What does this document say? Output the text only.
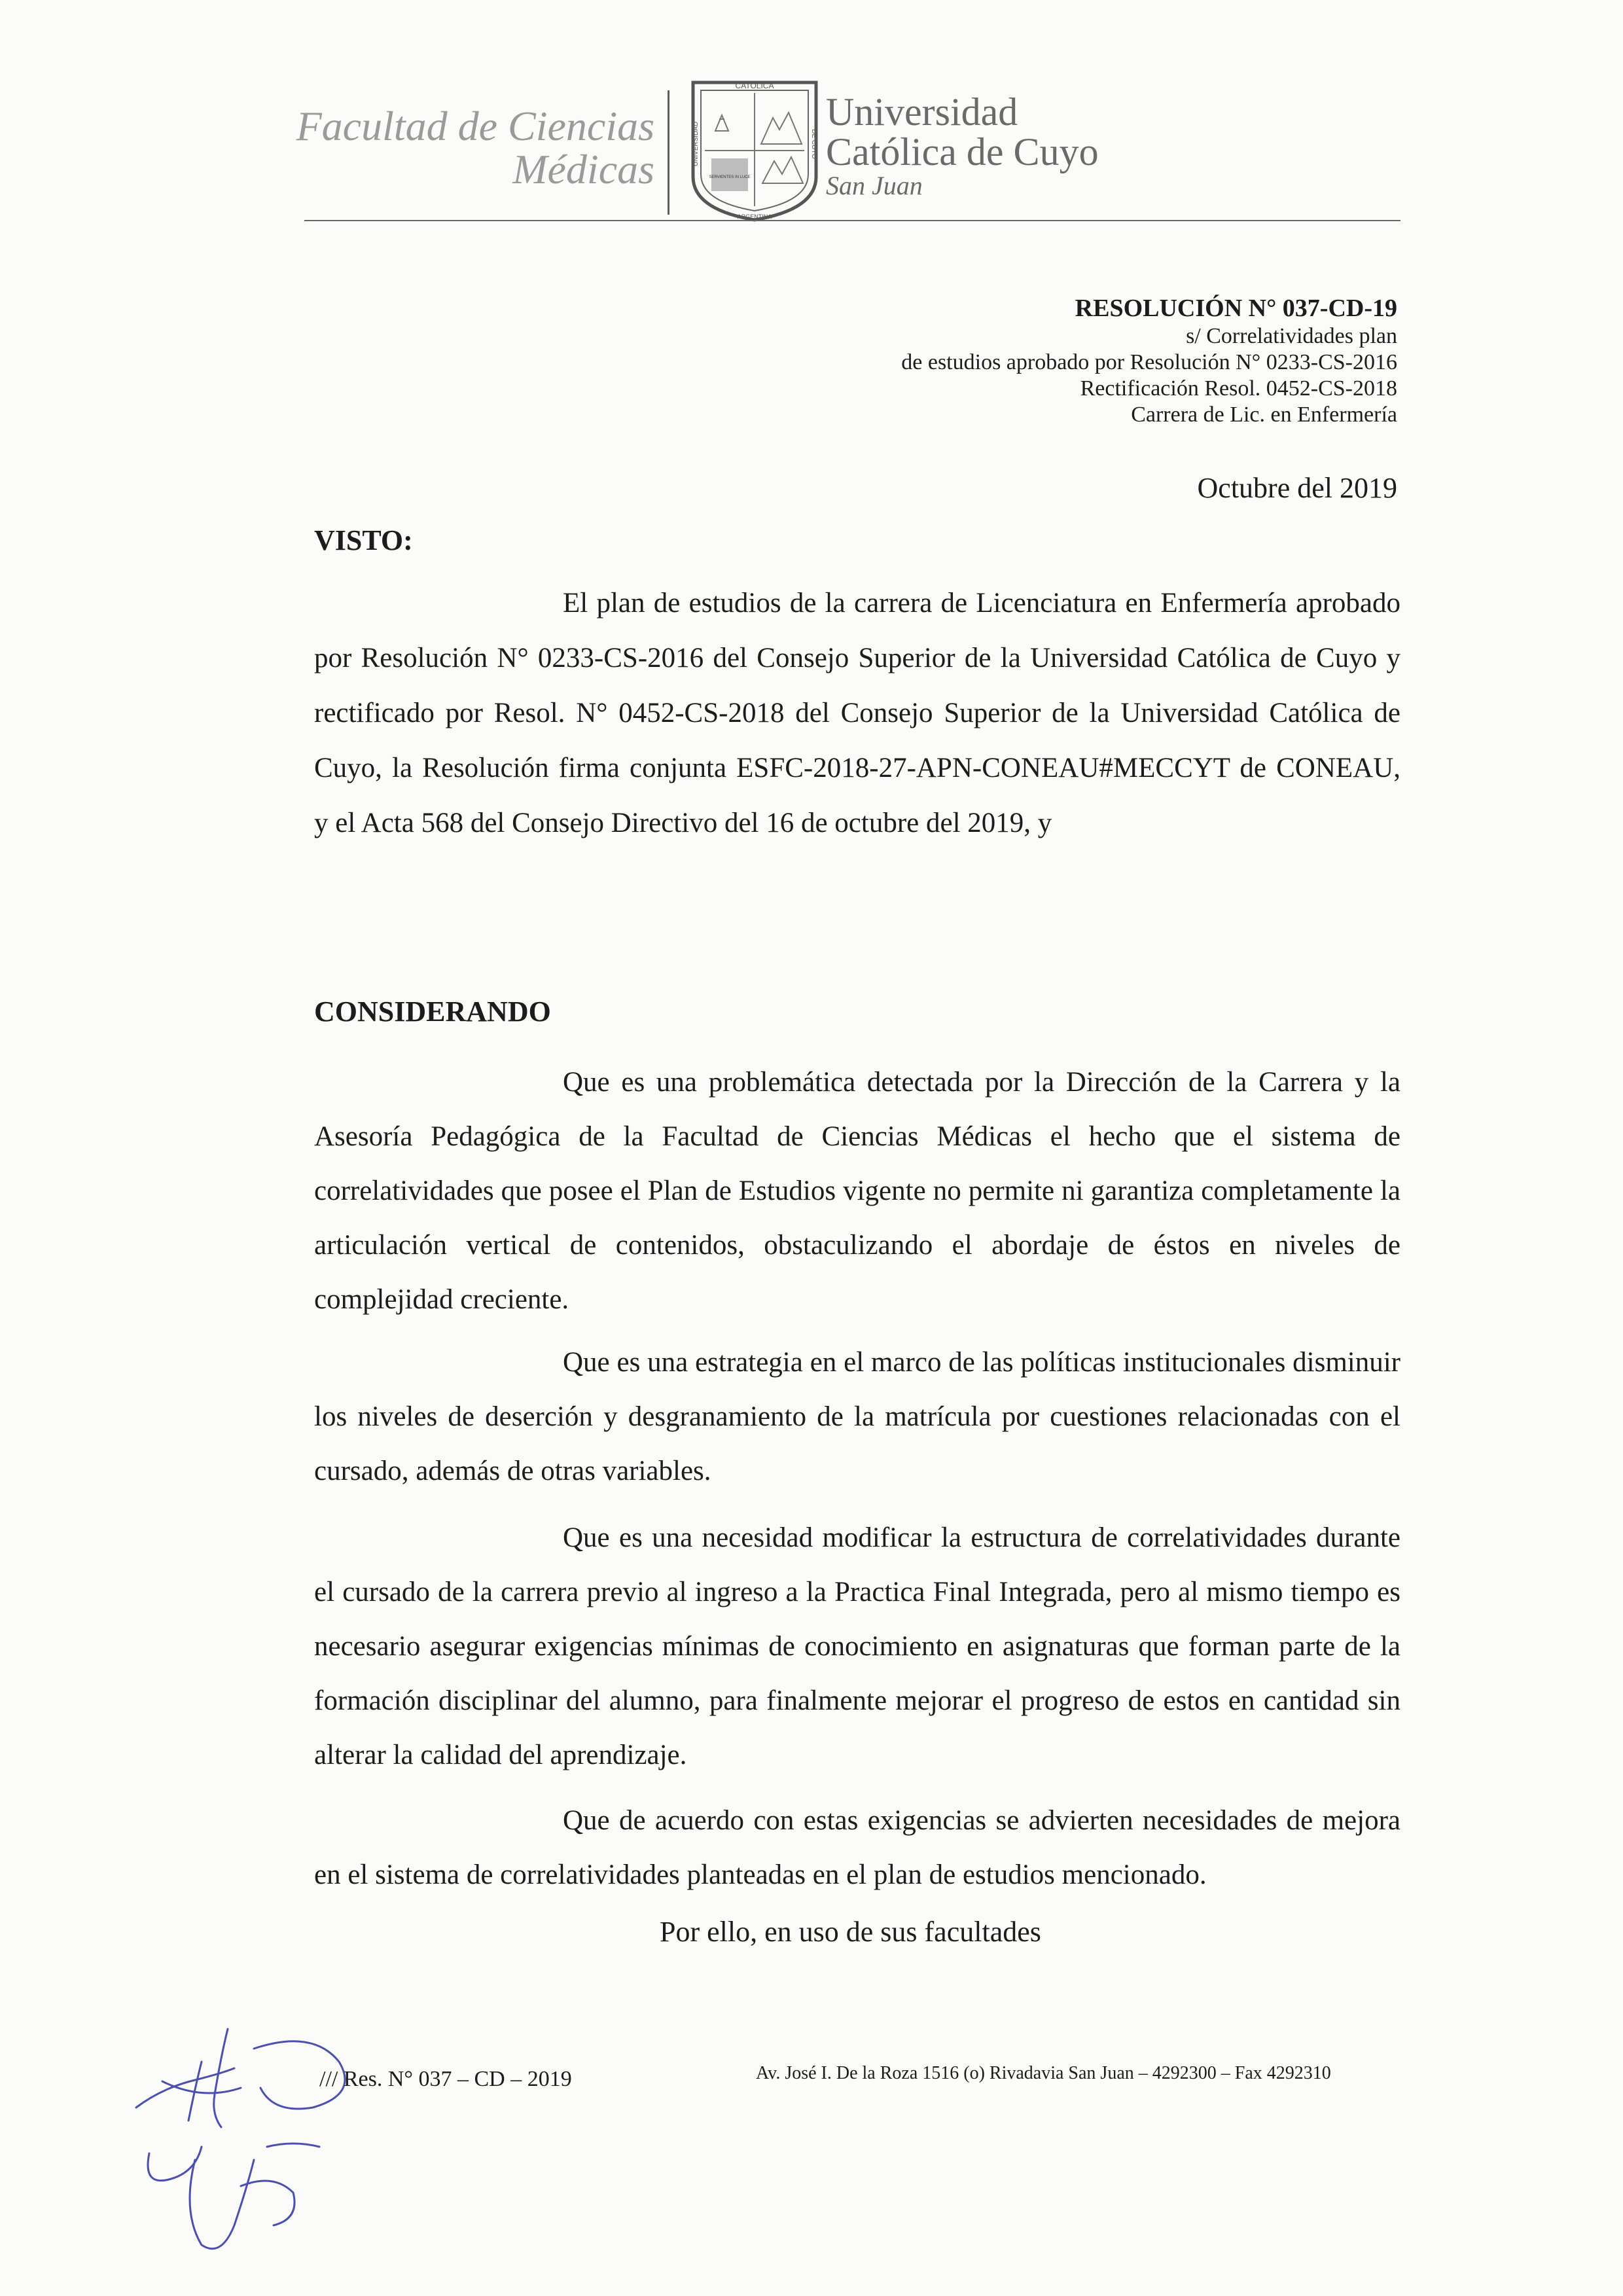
Facultad de Ciencias
Médicas
CATOLICA
UNIVERSIDAD	DE CUYO
ARGENTINA
SERVIENTES IN LUCE
Universidad
Católica de Cuyo
San Juan
RESOLUCIÓN N° 037-CD-19
s/ Correlatividades plan
de estudios aprobado por Resolución N° 0233-CS-2016
Rectificación Resol. 0452-CS-2018
Carrera de Lic. en Enfermería
Octubre del 2019
VISTO:
El plan de estudios de la carrera de Licenciatura en Enfermería aprobado por Resolución N° 0233-CS-2016 del Consejo Superior de la Universidad Católica de Cuyo y rectificado por Resol. N° 0452-CS-2018 del Consejo Superior de la Universidad Católica de Cuyo, la Resolución firma conjunta ESFC-2018-27-APN-CONEAU#MECCYT de CONEAU, y el Acta 568 del Consejo Directivo del 16 de octubre del 2019, y
CONSIDERANDO
Que es una problemática detectada por la Dirección de la Carrera y la Asesoría Pedagógica de la Facultad de Ciencias Médicas el hecho que el sistema de correlatividades que posee el Plan de Estudios vigente no permite ni garantiza completamente la articulación vertical de contenidos, obstaculizando el abordaje de éstos en niveles de complejidad creciente.
Que es una estrategia en el marco de las políticas institucionales disminuir los niveles de deserción y desgranamiento de la matrícula por cuestiones relacionadas con el cursado, además de otras variables.
Que es una necesidad modificar la estructura de correlatividades durante el cursado de la carrera previo al ingreso a la Practica Final Integrada, pero al mismo tiempo es necesario asegurar exigencias mínimas de conocimiento en asignaturas que forman parte de la formación disciplinar del alumno, para finalmente mejorar el progreso de estos en cantidad sin alterar la calidad del aprendizaje.
Que de acuerdo con estas exigencias se advierten necesidades de mejora en el sistema de correlatividades planteadas en el plan de estudios mencionado.
Por ello, en uso de sus facultades
/// Res. N° 037 – CD – 2019	Av. José I. De la Roza 1516 (o) Rivadavia San Juan – 4292300 – Fax 4292310
